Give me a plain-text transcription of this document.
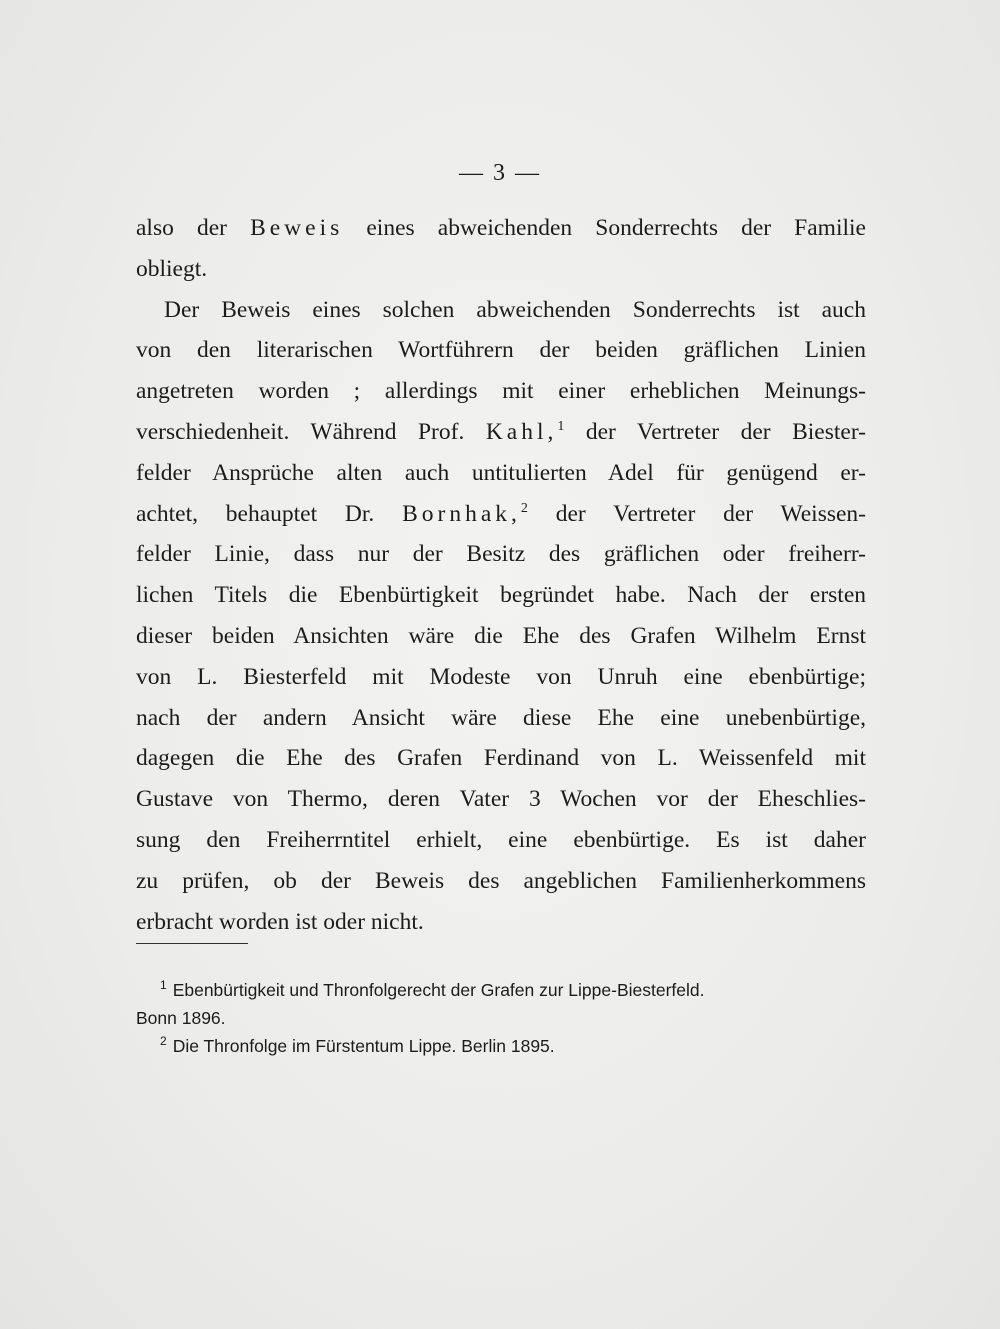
— 3 —
also der Beweis eines abweichenden Sonderrechts der Familie
obliegt.
Der Beweis eines solchen abweichenden Sonderrechts ist auch
von den literarischen Wortführern der beiden gräflichen Linien
angetreten worden ; allerdings mit einer erheblichen Meinungs-
verschiedenheit. Während Prof. Kahl,$^1$ der Vertreter der Biester-
felder Ansprüche alten auch untitulierten Adel für genügend er-
achtet, behauptet Dr. Bornhak,$^2$ der Vertreter der Weissen-
felder Linie, dass nur der Besitz des gräflichen oder freiherr-
lichen Titels die Ebenbürtigkeit begründet habe. Nach der ersten
dieser beiden Ansichten wäre die Ehe des Grafen Wilhelm Ernst
von L. Biesterfeld mit Modeste von Unruh eine ebenbürtige;
nach der andern Ansicht wäre diese Ehe eine unebenbürtige,
dagegen die Ehe des Grafen Ferdinand von L. Weissenfeld mit
Gustave von Thermo, deren Vater 3 Wochen vor der Eheschlies-
sung den Freiherrntitel erhielt, eine ebenbürtige. Es ist daher
zu prüfen, ob der Beweis des angeblichen Familienherkommens
erbracht worden ist oder nicht.
$^1$ Ebenbürtigkeit und Thronfolgerecht der Grafen zur Lippe-Biesterfeld.
Bonn 1896.
$^2$ Die Thronfolge im Fürstentum Lippe. Berlin 1895.
